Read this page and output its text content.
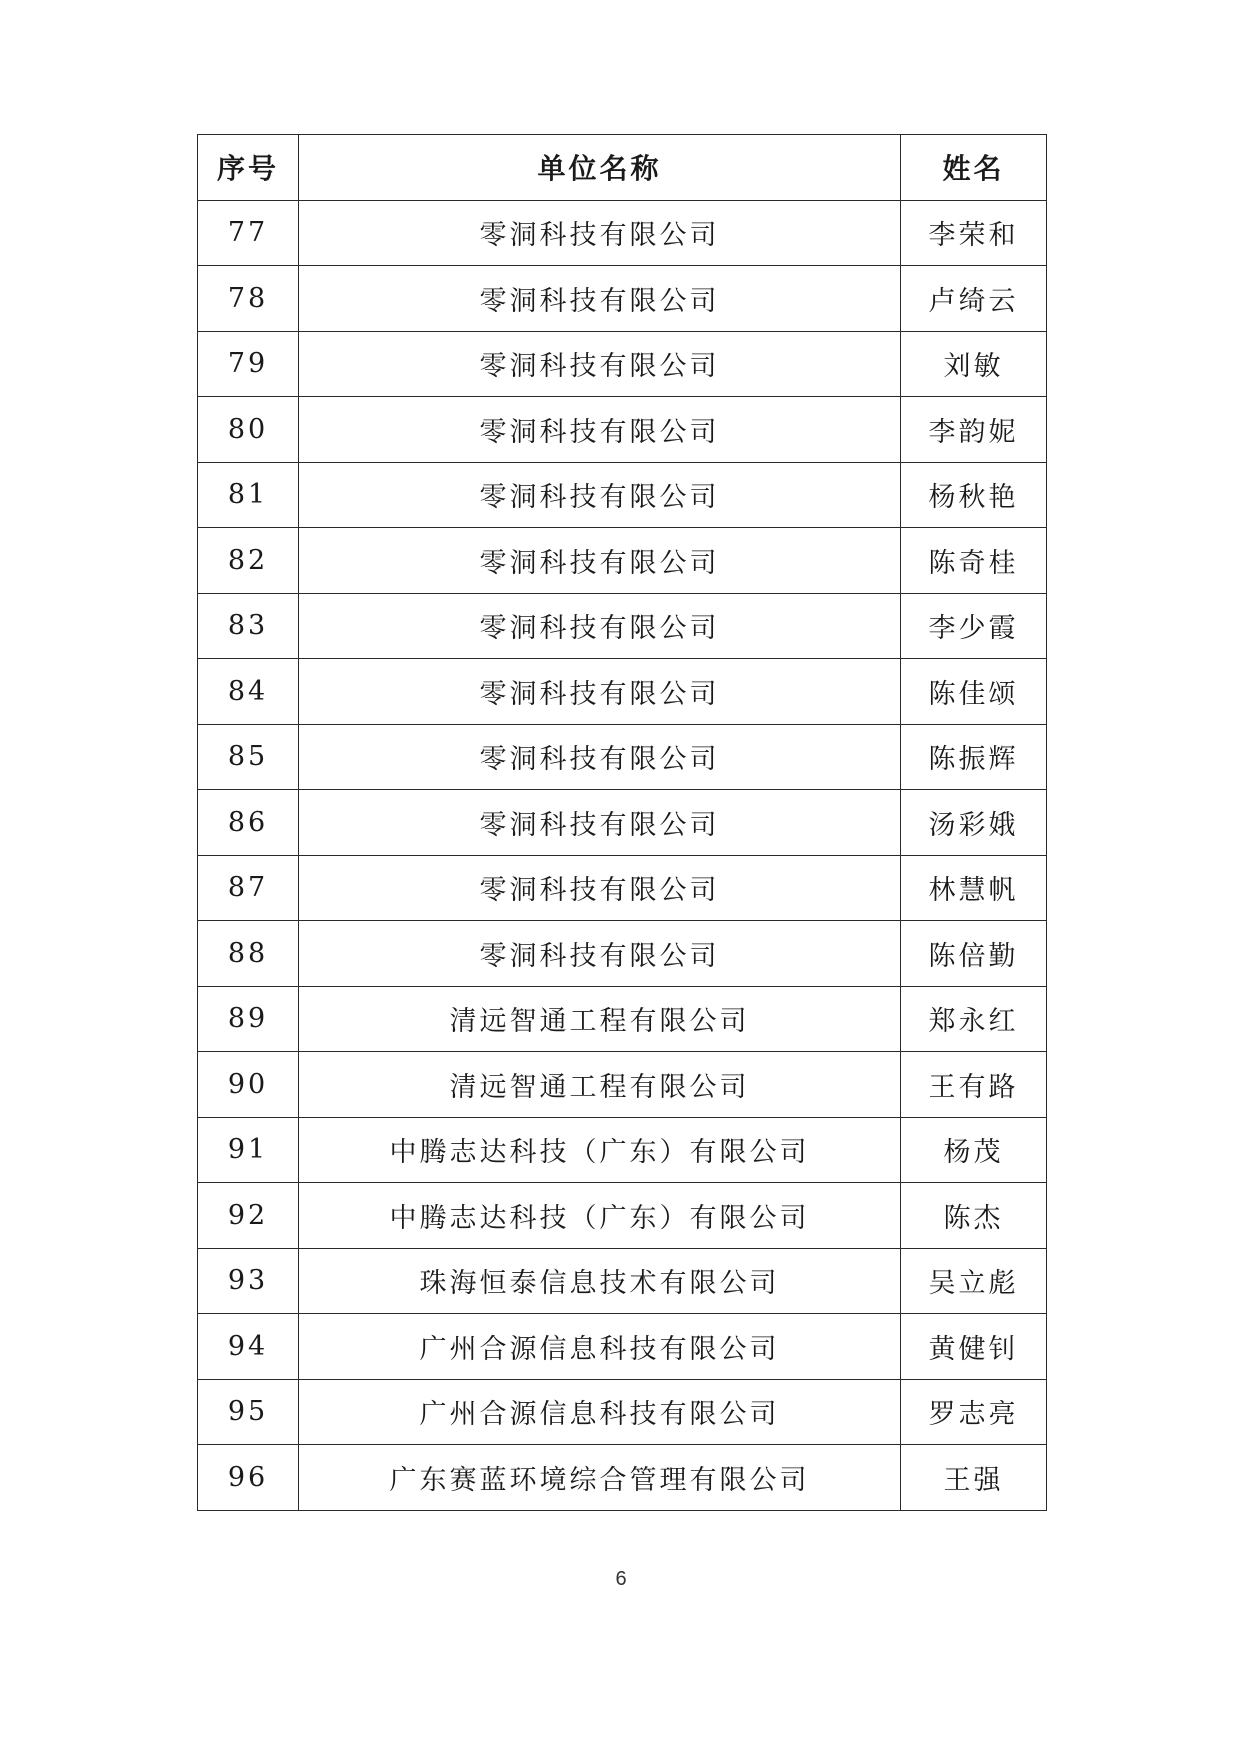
序号	单位名称	姓名
77	零洞科技有限公司	李荣和
78	零洞科技有限公司	卢绮云
79	零洞科技有限公司	刘敏
80	零洞科技有限公司	李韵妮
81	零洞科技有限公司	杨秋艳
82	零洞科技有限公司	陈奇桂
83	零洞科技有限公司	李少霞
84	零洞科技有限公司	陈佳颂
85	零洞科技有限公司	陈振辉
86	零洞科技有限公司	汤彩娥
87	零洞科技有限公司	林慧帆
88	零洞科技有限公司	陈倍勤
89	清远智通工程有限公司	郑永红
90	清远智通工程有限公司	王有路
91	中腾志达科技（广东）有限公司	杨茂
92	中腾志达科技（广东）有限公司	陈杰
93	珠海恒泰信息技术有限公司	吴立彪
94	广州合源信息科技有限公司	黄健钊
95	广州合源信息科技有限公司	罗志亮
96	广东赛蓝环境综合管理有限公司	王强
6
